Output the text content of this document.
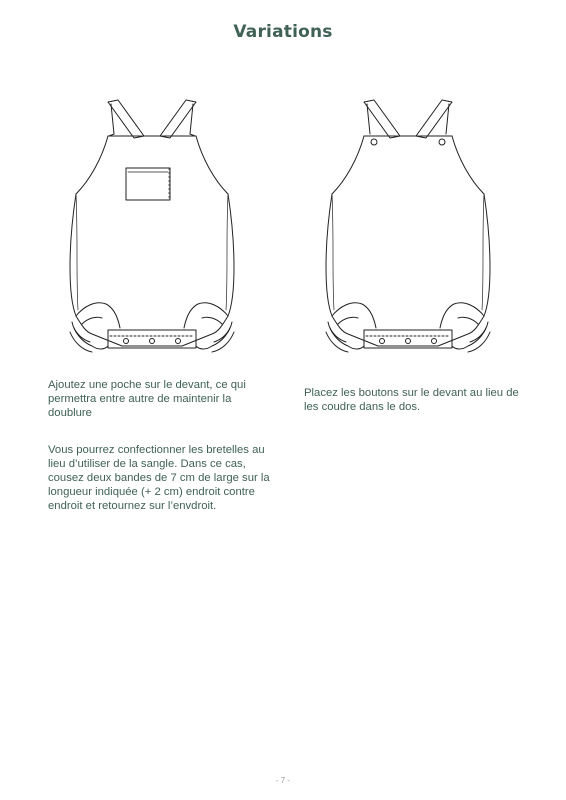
Variations
Ajoutez une poche sur le devant, ce qui permettra entre autre de maintenir la doublure
Vous pourrez confectionner les bretelles au lieu d’utiliser de la sangle. Dans ce cas, cousez deux bandes de 7 cm de large sur la longueur indiquée (+ 2 cm) endroit contre endroit et retournez sur l’envdroit.
Placez les boutons sur le devant au lieu de les coudre dans le dos.
- 7 -
